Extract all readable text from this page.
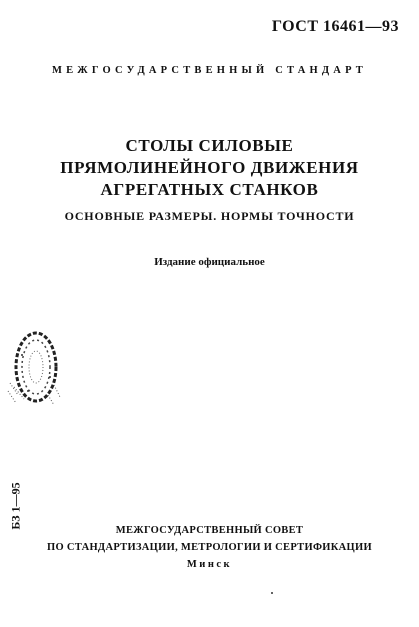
ГОСТ 16461—93
МЕЖГОСУДАРСТВЕННЫЙ СТАНДАРТ
СТОЛЫ СИЛОВЫЕ
ПРЯМОЛИНЕЙНОГО ДВИЖЕНИЯ
АГРЕГАТНЫХ СТАНКОВ
ОСНОВНЫЕ РАЗМЕРЫ. НОРМЫ ТОЧНОСТИ
Издание официальное
БЗ 1—95
МЕЖГОСУДАРСТВЕННЫЙ СОВЕТ
ПО СТАНДАРТИЗАЦИИ, МЕТРОЛОГИИ И СЕРТИФИКАЦИИ
Минск
